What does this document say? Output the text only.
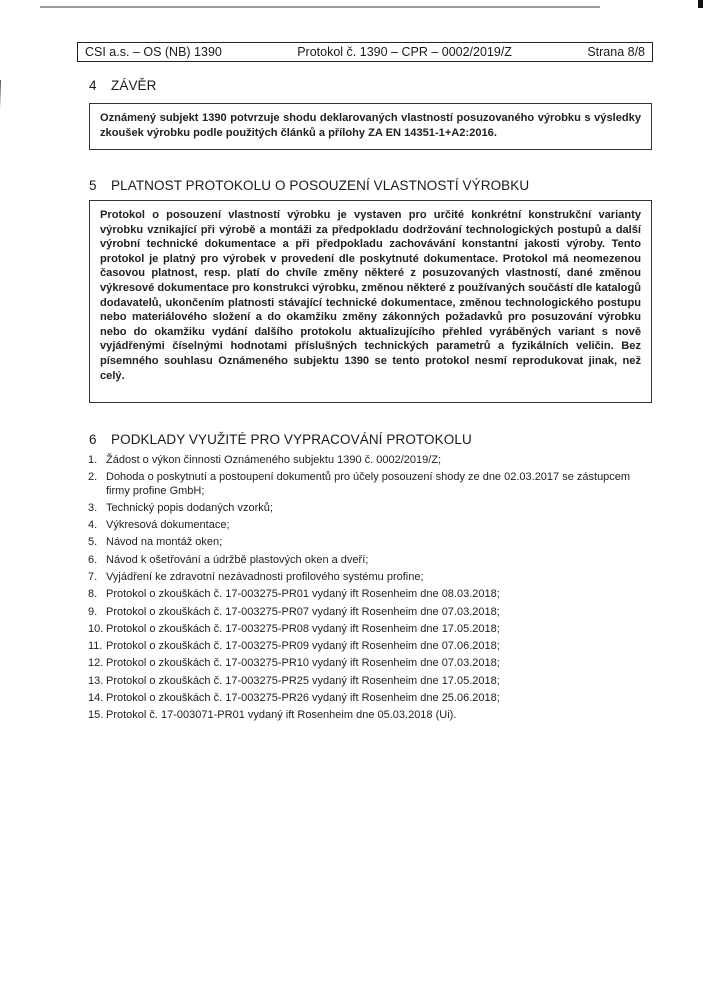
CSI a.s. – OS (NB) 1390	Protokol č. 1390 – CPR – 0002/2019/Z	Strana 8/8
4 ZÁVĚR
Oznámený subjekt 1390 potvrzuje shodu deklarovaných vlastností posuzovaného výrobku s výsledky zkoušek výrobku podle použitých článků a přílohy ZA EN 14351-1+A2:2016.
5 PLATNOST PROTOKOLU O POSOUZENÍ VLASTNOSTÍ VÝROBKU
Protokol o posouzení vlastností výrobku je vystaven pro určité konkrétní konstrukční varianty výrobku vznikající při výrobě a montáži za předpokladu dodržování technologických postupů a další výrobní technické dokumentace a při předpokladu zachovávání konstantní jakosti výroby. Tento protokol je platný pro výrobek v provedení dle poskytnuté dokumentace. Protokol má neomezenou časovou platnost, resp. platí do chvíle změny některé z posuzovaných vlastností, dané změnou výkresové dokumentace pro konstrukci výrobku, změnou některé z používaných součástí dle katalogů dodavatelů, ukončením platnosti stávající technické dokumentace, změnou technologického postupu nebo materiálového složení a do okamžiku změny zákonných požadavků pro posuzování výrobku nebo do okamžiku vydání dalšího protokolu aktualizujícího přehled vyráběných variant s nově vyjádřenými číselnými hodnotami příslušných technických parametrů a fyzikálních veličin. Bez písemného souhlasu Oznámeného subjektu 1390 se tento protokol nesmí reprodukovat jinak, než celý.
6 PODKLADY VYUŽITÉ PRO VYPRACOVÁNÍ PROTOKOLU
1. Žádost o výkon činnosti Oznámeného subjektu 1390 č. 0002/2019/Z;
2. Dohoda o poskytnutí a postoupení dokumentů pro účely posouzení shody ze dne 02.03.2017 se zástupcem firmy profine GmbH;
3. Technický popis dodaných vzorků;
4. Výkresová dokumentace;
5. Návod na montáž oken;
6. Návod k ošetřování a údržbě plastových oken a dveří;
7. Vyjádření ke zdravotní nezávadnosti profilového systému profine;
8. Protokol o zkouškách č. 17-003275-PR01 vydaný ift Rosenheim dne 08.03.2018;
9. Protokol o zkouškách č. 17-003275-PR07 vydaný ift Rosenheim dne 07.03.2018;
10. Protokol o zkouškách č. 17-003275-PR08 vydaný ift Rosenheim dne 17.05.2018;
11. Protokol o zkouškách č. 17-003275-PR09 vydaný ift Rosenheim dne 07.06.2018;
12. Protokol o zkouškách č. 17-003275-PR10 vydaný ift Rosenheim dne 07.03.2018;
13. Protokol o zkouškách č. 17-003275-PR25 vydaný ift Rosenheim dne 17.05.2018;
14. Protokol o zkouškách č. 17-003275-PR26 vydaný ift Rosenheim dne 25.06.2018;
15. Protokol č. 17-003071-PR01 vydaný ift Rosenheim dne 05.03.2018 (Ui).
